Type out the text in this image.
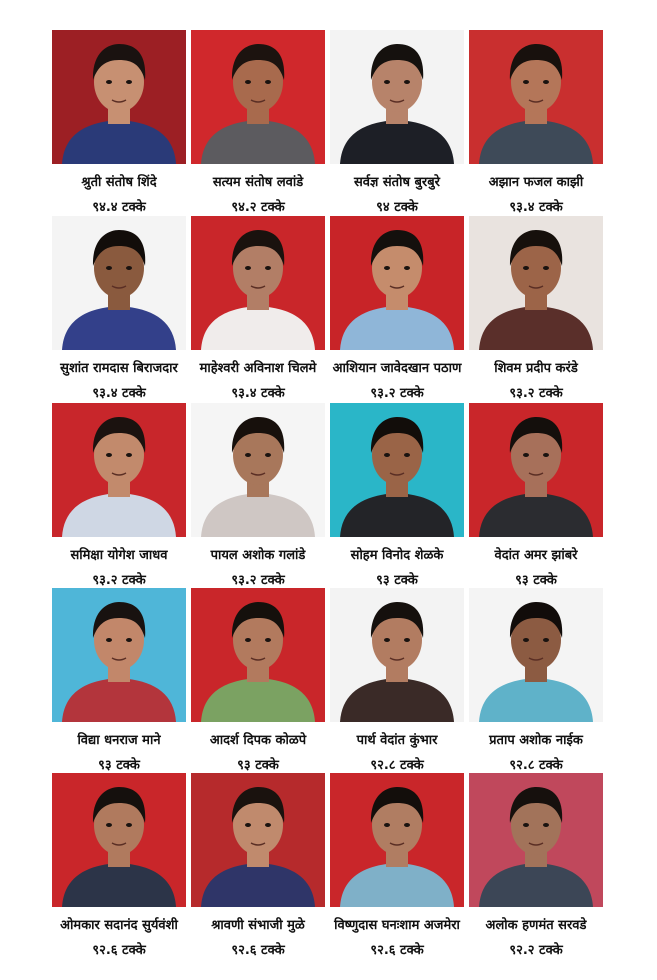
श्रुती संतोष शिंदे
९४.४ टक्के
सत्यम संतोष लवांडे
९४.२ टक्के
सर्वज्ञ संतोष बुरबुरे
९४ टक्के
अझान फजल काझी
९३.४ टक्के
सुशांत रामदास बिराजदार
९३.४ टक्के
माहेश्वरी अविनाश चिलमे
९३.४ टक्के
आशियान जावेदखान पठाण
९३.२ टक्के
शिवम प्रदीप करंडे
९३.२ टक्के
समिक्षा योगेश जाधव
९३.२ टक्के
पायल अशोक गलांडे
९३.२ टक्के
सोहम विनोद शेळके
९३ टक्के
वेदांत अमर झांबरे
९३ टक्के
विद्या धनराज माने
९३ टक्के
आदर्श दिपक कोळपे
९३ टक्के
पार्थ वेदांत कुंभार
९२.८ टक्के
प्रताप अशोक नाईक
९२.८ टक्के
ओमकार सदानंद सुर्यवंशी
९२.६ टक्के
श्रावणी संभाजी मुळे
९२.६ टक्के
विष्णुदास घनःशाम अजमेरा
९२.६ टक्के
अलोक हणमंत सरवडे
९२.२ टक्के
